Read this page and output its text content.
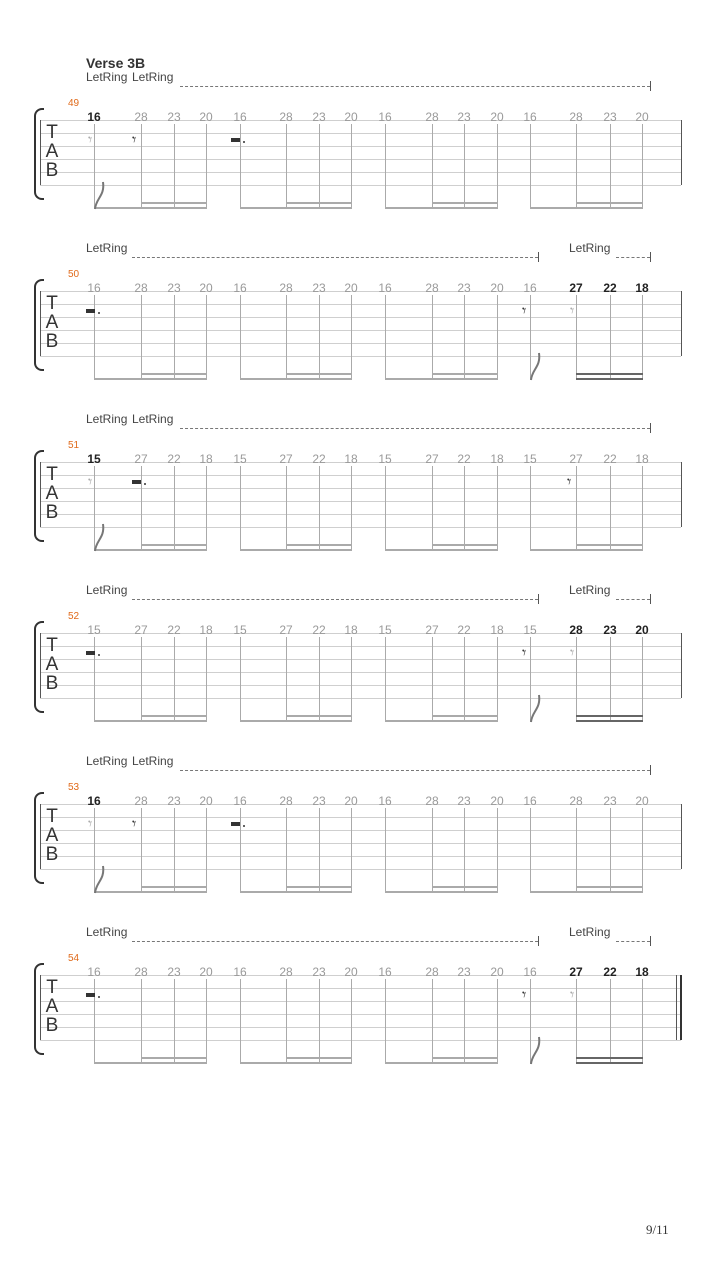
Verse 3B
49
LetRing LetRing
T
A
B
16	28 23 20 16	28 23 20 16	28 23 20 16	28 23 20
𝄾 𝄾
50
LetRing	LetRing
T
A
B
16	28 23 20 16	28 23 20 16	28 23 20 16	27 22 18
𝄾	𝄾
51
LetRing LetRing
T
A
B
15	27 22 18 15	27 22 18 15	27 22 18 15	27 22 18
𝄾	𝄾
52
LetRing	LetRing
T
A
B
15	27 22 18 15	27 22 18 15	27 22 18 15	28 23 20
𝄾	𝄾
53
LetRing LetRing
T
A
B
16	28 23 20 16	28 23 20 16	28 23 20 16	28 23 20
𝄾 𝄾
54
LetRing	LetRing
T
A
B
16	28 23 20 16	28 23 20 16	28 23 20 16	27 22 18
𝄾	𝄾
9/11
